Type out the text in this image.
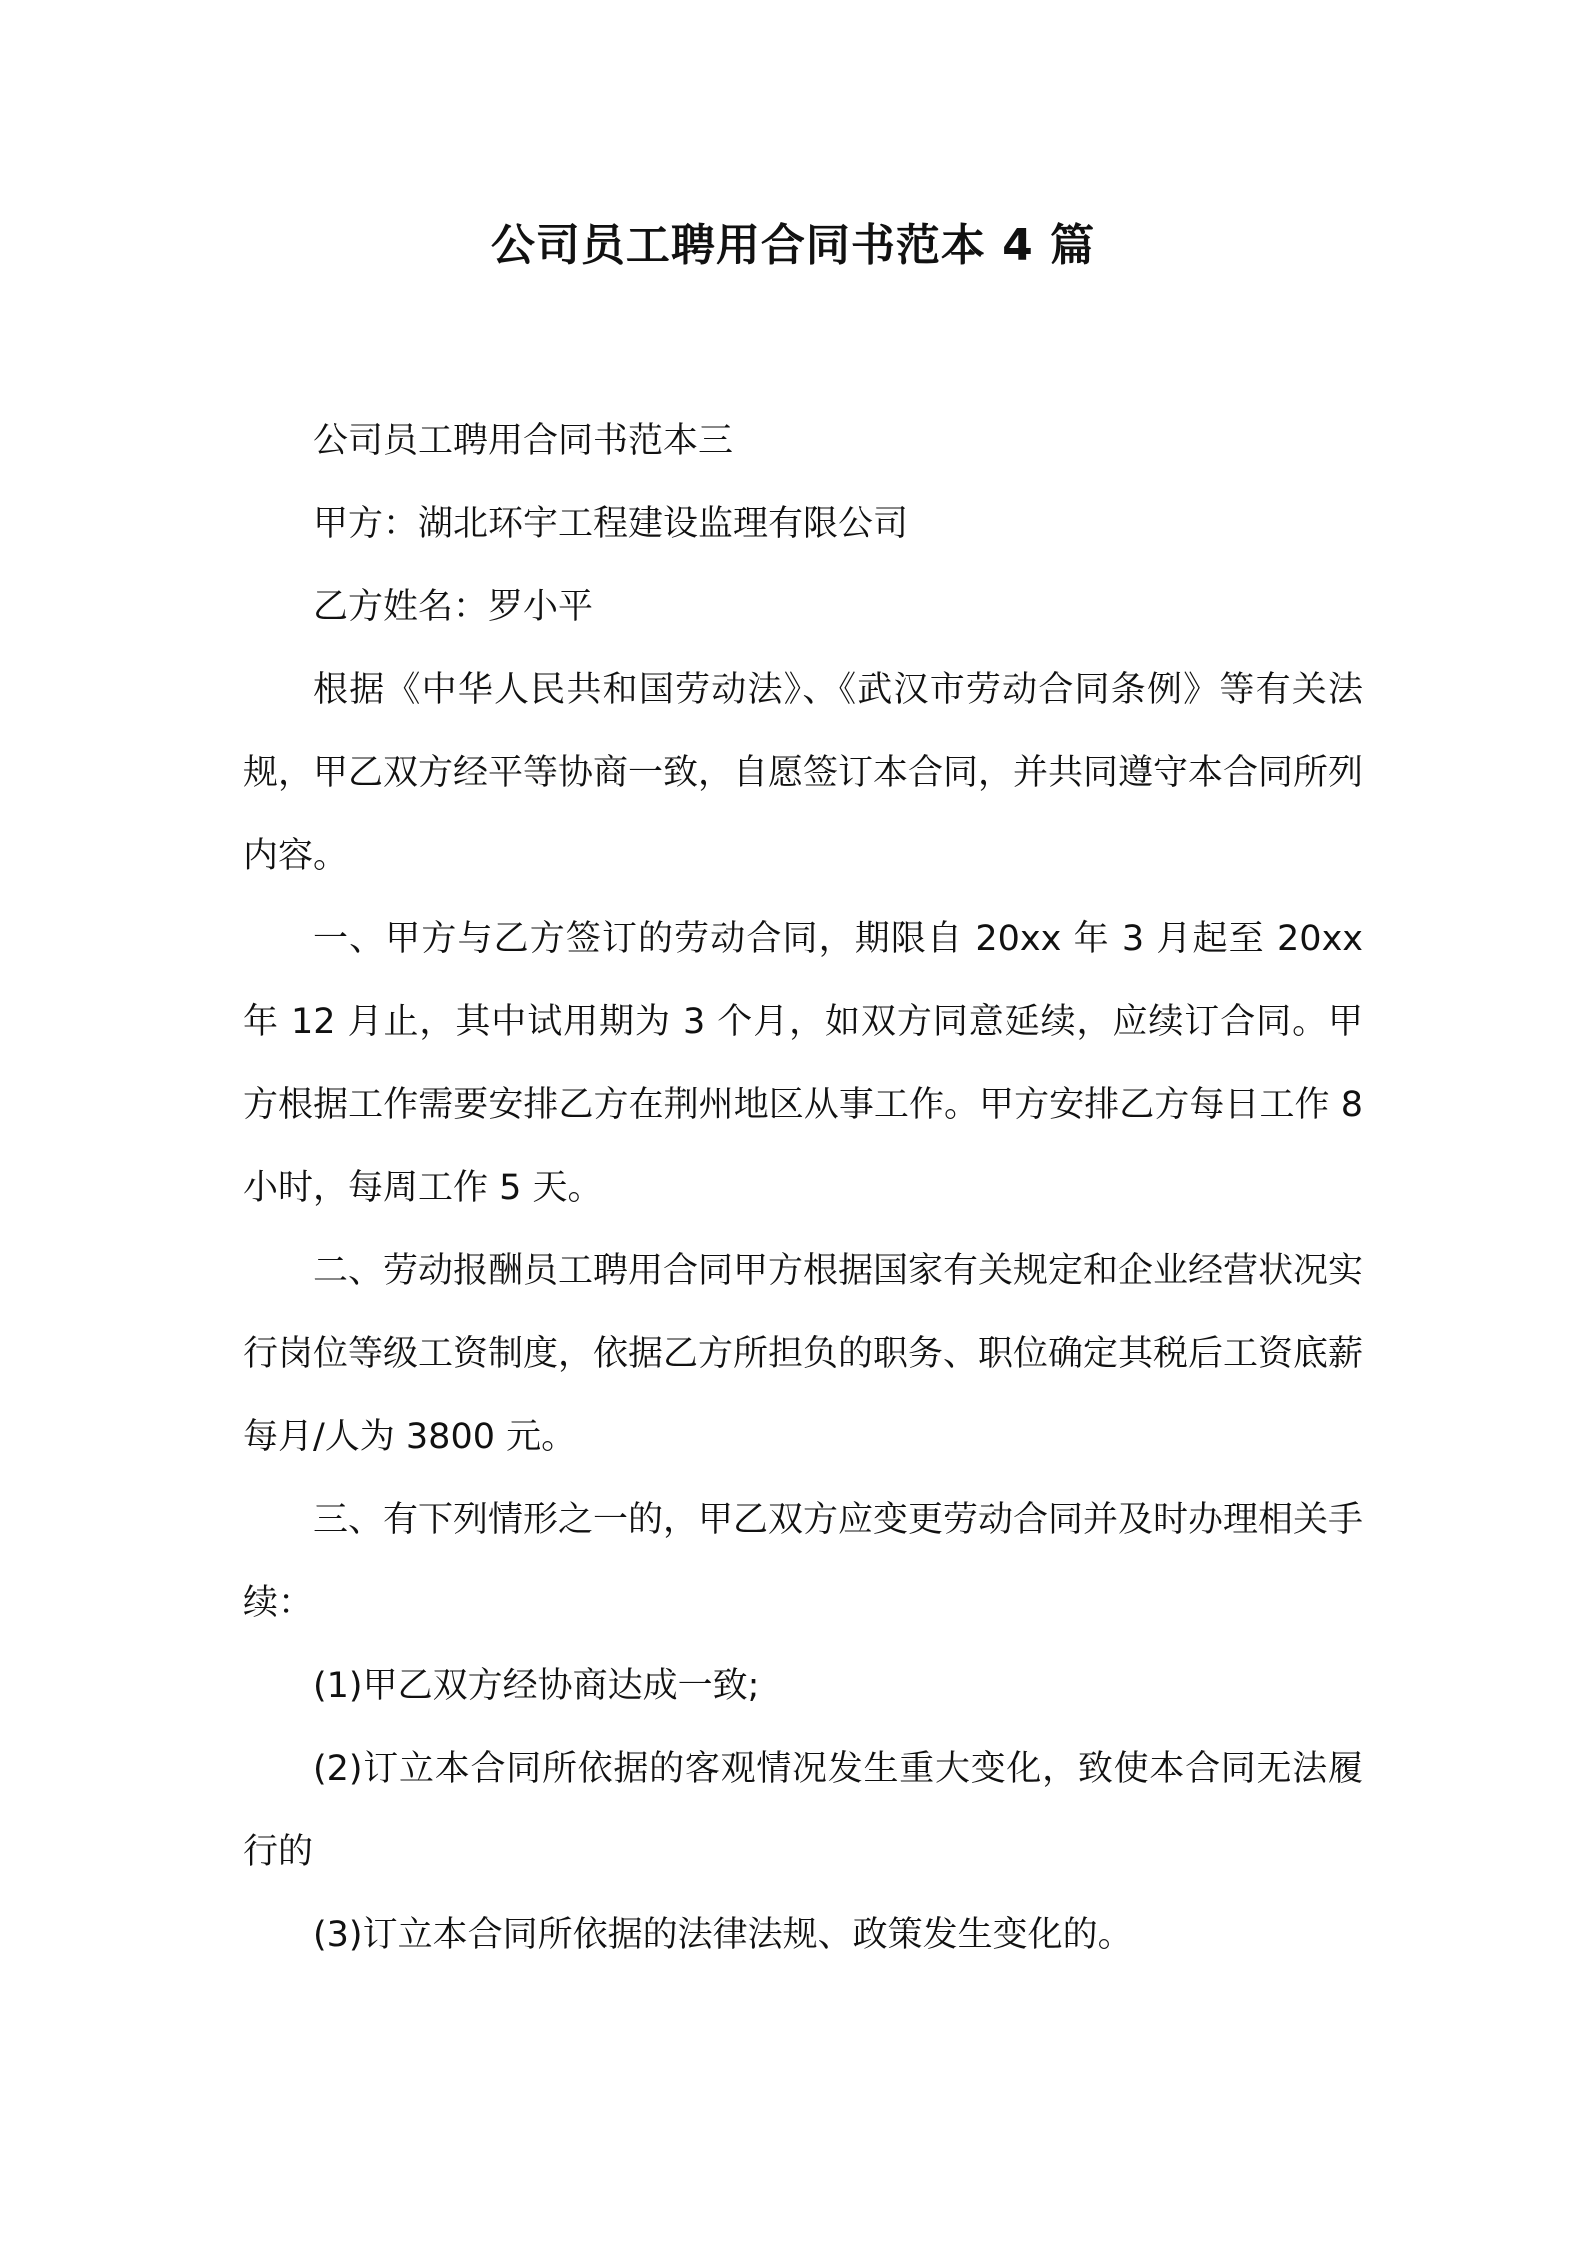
公司员工聘用合同书范本 4 篇

公司员工聘用合同书范本三

甲方：湖北环宇工程建设监理有限公司

乙方姓名：罗小平

根据《中华人民共和国劳动法》、《武汉市劳动合同条例》等有关法规，甲乙双方经平等协商一致，自愿签订本合同，并共同遵守本合同所列内容。

一、甲方与乙方签订的劳动合同，期限自 20xx 年 3 月起至 20xx 年 12 月止，其中试用期为 3 个月，如双方同意延续，应续订合同。甲方根据工作需要安排乙方在荆州地区从事工作。甲方安排乙方每日工作 8 小时，每周工作 5 天。

二、劳动报酬员工聘用合同甲方根据国家有关规定和企业经营状况实行岗位等级工资制度，依据乙方所担负的职务、职位确定其税后工资底薪每月/人为 3800 元。

三、有下列情形之一的，甲乙双方应变更劳动合同并及时办理相关手续：

(1)甲乙双方经协商达成一致;

(2)订立本合同所依据的客观情况发生重大变化，致使本合同无法履行的

(3)订立本合同所依据的法律法规、政策发生变化的。
